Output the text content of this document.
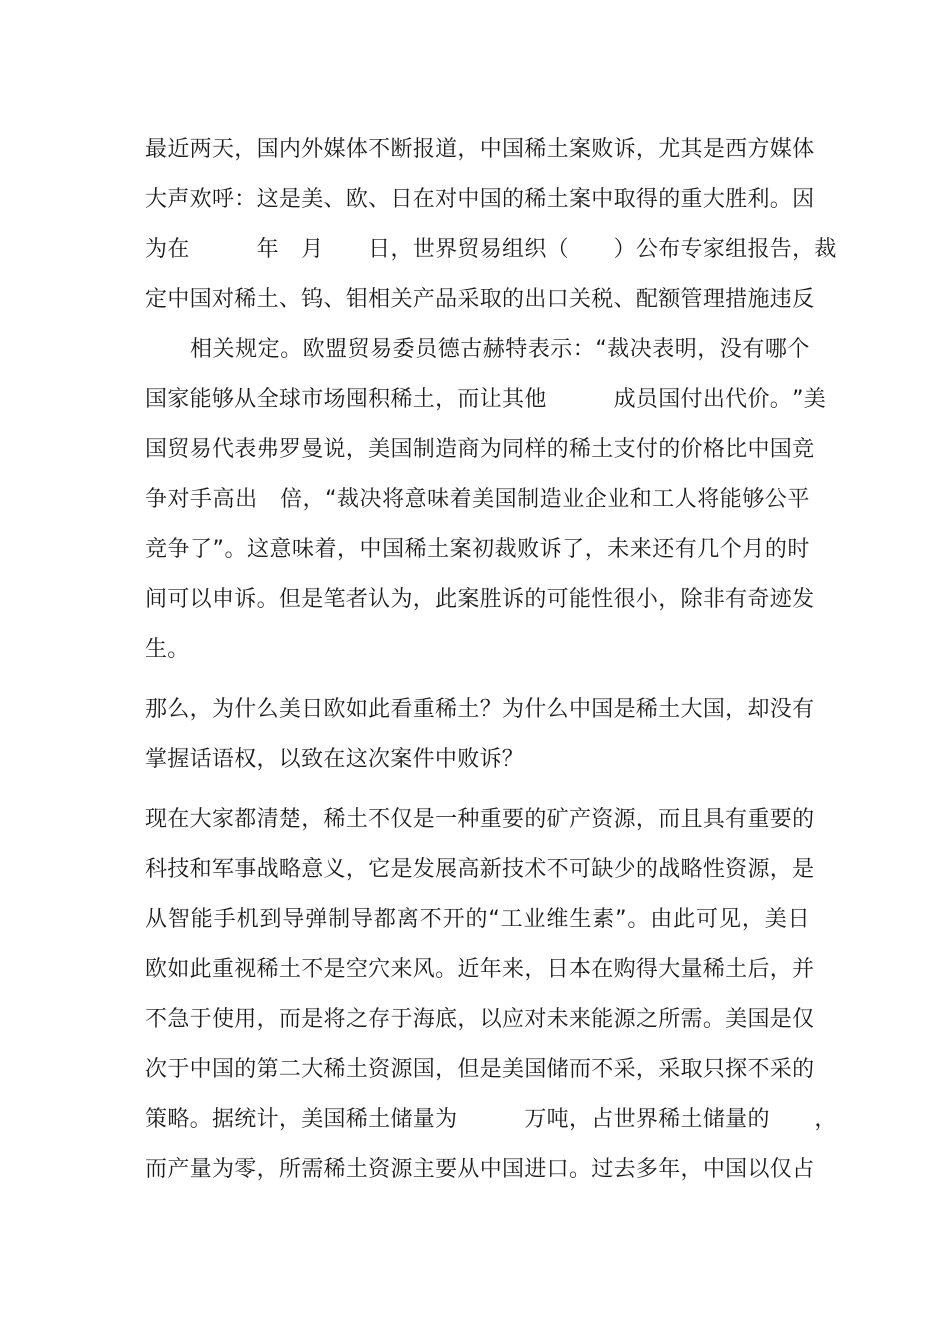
最 近 两 天 ， 国 内 外 媒 体 不 断 报 道 ， 中 国 稀 土 案 败 诉 ， 尤 其 是 西 方 媒 体
大 声 欢 呼 ： 这 是 美 、 欧 、 日 在 对 中 国 的 稀 土 案 中 取 得 的 重 大 胜 利 。 因
为 在

　	年
　 月

　 日 ， 世 界 贸 易 组 织 （

　 ） 公 布 专 家 组 报 告 ， 裁
定 中 国 对 稀 土 、 钨 、 钼 相 关 产 品 采 取 的 出 口 关 税 、 配 额 管 理 措 施 违 反

相 关 规 定 。 欧 盟 贸 易 委 员 德 古 赫 特 表 示 ： “ 裁 决 表 明 ， 没 有 哪 个
国 家 能 够 从 全 球 市 场 囤 积 稀 土 ， 而 让 其 他

　	成 员 国 付 出 代 价 。 ” 美
国 贸 易 代 表 弗 罗 曼 说 ， 美 国 制 造 商 为 同 样 的 稀 土 支 付 的 价 格 比 中 国 竞
争 对 手 高 出
　 倍 ， “ 裁 决 将 意 味 着 美 国 制 造 业 企 业 和 工 人 将 能 够 公 平
竞 争 了 ” 。 这 意 味 着 ， 中 国 稀 土 案 初 裁 败 诉 了 ， 未 来 还 有 几 个 月 的 时
间 可 以 申 诉 。 但 是 笔 者 认 为 ， 此 案 胜 诉 的 可 能 性 很 小 ， 除 非 有 奇 迹 发
生。
那 么 ， 为 什 么 美 日 欧 如 此 看 重 稀 土 ？ 为 什 么 中 国 是 稀 土 大 国 ， 却 没 有
掌握话语权，以致在这次案件中败诉？
现 在 大 家 都 清 楚 ， 稀 土 不 仅 是 一 种 重 要 的 矿 产 资 源 ， 而 且 具 有 重 要 的
科 技 和 军 事 战 略 意 义 ， 它 是 发 展 高 新 技 术 不 可 缺 少 的 战 略 性 资 源 ， 是
从 智 能 手 机 到 导 弹 制 导 都 离 不 开 的 “ 工 业 维 生 素 ” 。 由 此 可 见 ， 美 日
欧 如 此 重 视 稀 土 不 是 空 穴 来 风 。 近 年 来 ， 日 本 在 购 得 大 量 稀 土 后 ， 并
不 急 于 使 用 ， 而 是 将 之 存 于 海 底 ， 以 应 对 未 来 能 源 之 所 需 。 美 国 是 仅
次 于 中 国 的 第 二 大 稀 土 资 源 国 ， 但 是 美 国 储 而 不 采 ， 采 取 只 探 不 采 的
策 略 。 据 统 计 ， 美 国 稀 土 储 量 为

　	万 吨 ， 占 世 界 稀 土 储 量 的

　 ，
而 产 量 为 零 ， 所 需 稀 土 资 源 主 要 从 中 国 进 口 。 过 去 多 年 ， 中 国 以 仅 占
